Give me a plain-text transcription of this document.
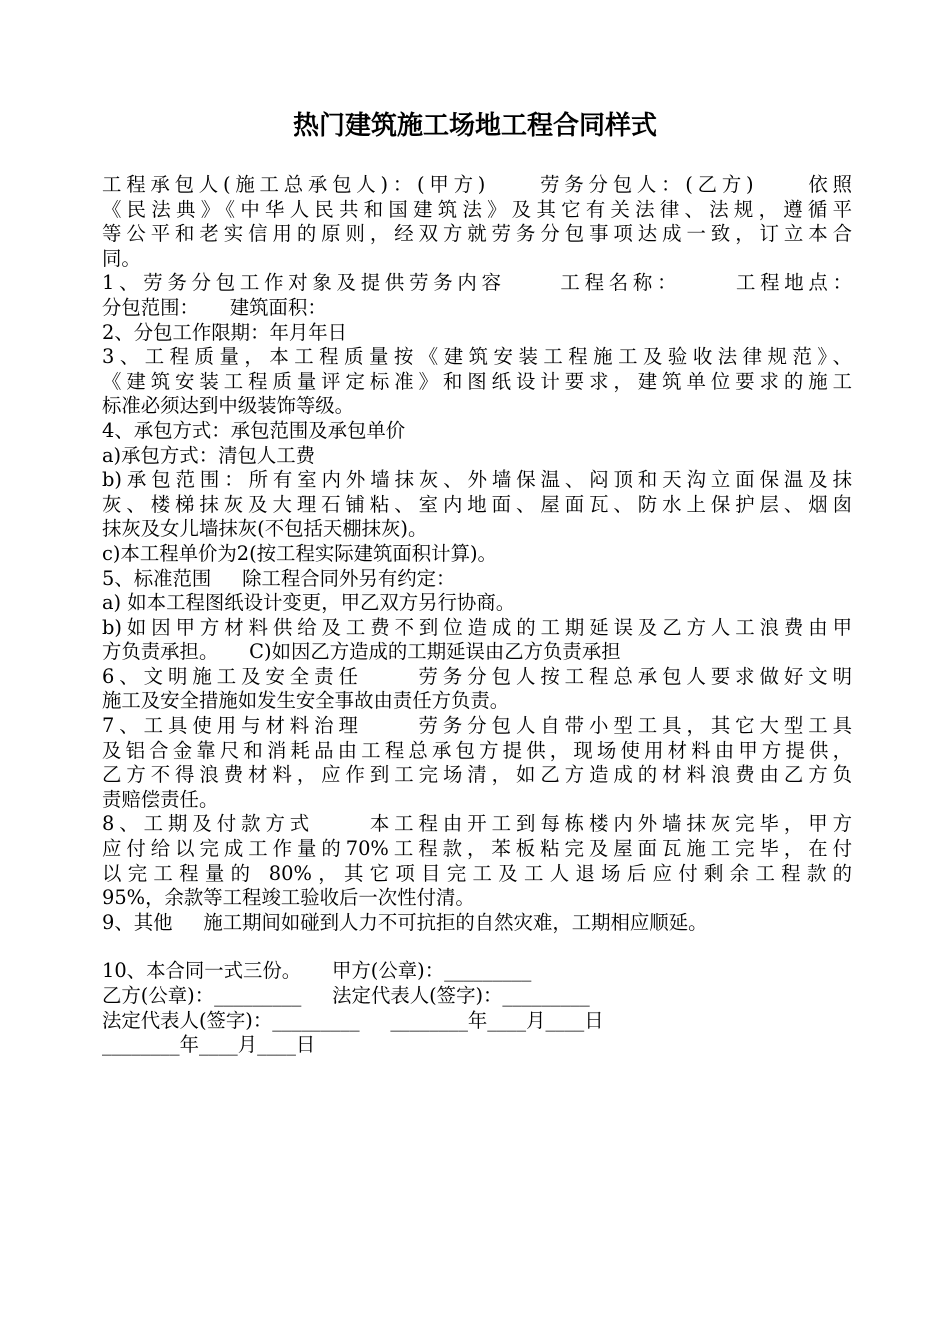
热门建筑施工场地工程合同样式
工程承包人(施工总承包人)：(甲方)     劳务分包人：(乙方)     依照
《民法典》《中华人民共和国建筑法》及其它有关法律、法规，遵循平
等公平和老实信用的原则，经双方就劳务分包事项达成一致，订立本合
同。
1、劳务分包工作对象及提供劳务内容     工程名称：     工程地点：
分包范围：     建筑面积：
2、分包工作限期：年月年日
3、工程质量，本工程质量按《建筑安装工程施工及验收法律规范》、
《建筑安装工程质量评定标准》和图纸设计要求，建筑单位要求的施工
标准必须达到中级装饰等级。
4、承包方式：承包范围及承包单价
a)承包方式：清包人工费
b)承包范围：所有室内外墙抹灰、外墙保温、闷顶和天沟立面保温及抹
灰、楼梯抹灰及大理石铺粘、室内地面、屋面瓦、防水上保护层、烟囱
抹灰及女儿墙抹灰(不包括天棚抹灰)。
c)本工程单价为2(按工程实际建筑面积计算)。
5、标准范围     除工程合同外另有约定：
a) 如本工程图纸设计变更，甲乙双方另行协商。
b)如因甲方材料供给及工费不到位造成的工期延误及乙方人工浪费由甲
方负责承担。     C)如因乙方造成的工期延误由乙方负责承担
6、文明施工及安全责任     劳务分包人按工程总承包人要求做好文明
施工及安全措施如发生安全事故由责任方负责。
7、工具使用与材料治理     劳务分包人自带小型工具，其它大型工具
及铝合金靠尺和消耗品由工程总承包方提供，现场使用材料由甲方提供，
乙方不得浪费材料，应作到工完场清，如乙方造成的材料浪费由乙方负
责赔偿责任。
8、工期及付款方式     本工程由开工到每栋楼内外墙抹灰完毕，甲方
应付给以完成工作量的70%工程款，苯板粘完及屋面瓦施工完毕，在付
以完工程量的 80%，其它项目完工及工人退场后应付剩余工程款的
95%，余款等工程竣工验收后一次性付清。
9、其他     施工期间如碰到人力不可抗拒的自然灾难，工期相应顺延。
10、本合同一式三份。     甲方(公章)：_________
乙方(公章)：_________     法定代表人(签字)：_________
法定代表人(签字)：_________     ________年____月____日
________年____月____日
